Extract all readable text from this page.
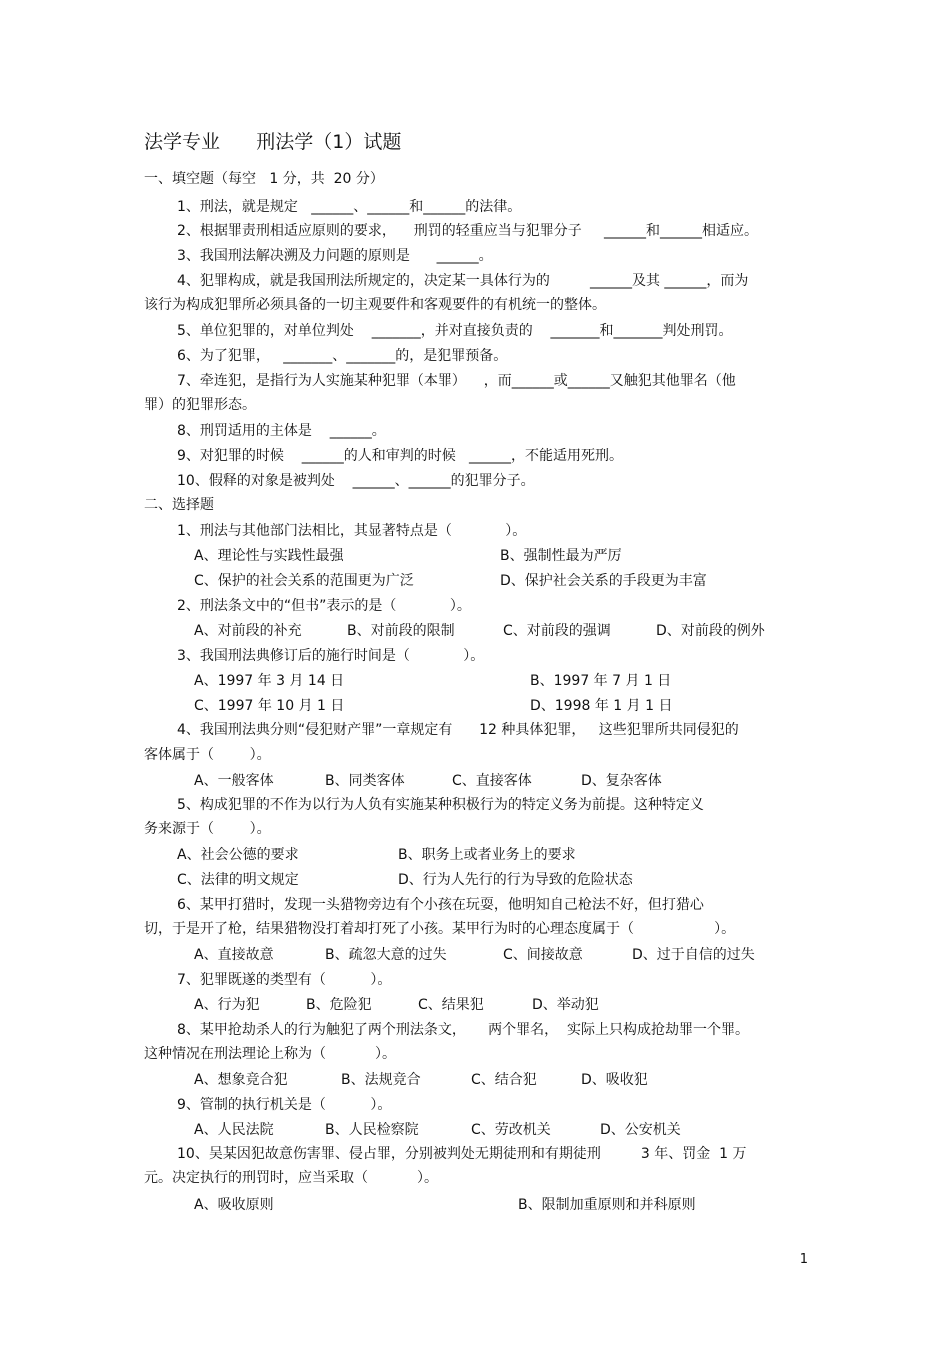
法学专业      刑法学（1）试题
一、填空题（每空   1 分，共  20 分）
1、刑法，就是规定   ______、______和______的法律。
2、根据罪责刑相适应原则的要求，    刑罚的轻重应当与犯罪分子     ______和______相适应。
3、我国刑法解决溯及力问题的原则是      ______。
4、犯罪构成，就是我国刑法所规定的，决定某一具体行为的         ______及其 ______，而为
该行为构成犯罪所必须具备的一切主观要件和客观要件的有机统一的整体。
5、单位犯罪的，对单位判处    _______，并对直接负责的    _______和_______判处刑罚。
6、为了犯罪，   _______、_______的，是犯罪预备。
7、牵连犯，是指行为人实施某种犯罪（本罪）    ，而______或______又触犯其他罪名（他
罪）的犯罪形态。
8、刑罚适用的主体是    ______。
9、对犯罪的时候    ______的人和审判的时候   ______，不能适用死刑。
10、假释的对象是被判处    ______、______的犯罪分子。
二、选择题
1、刑法与其他部门法相比，其显著特点是（            ）。
A、理论性与实践性最强	B、强制性最为严厉
C、保护的社会关系的范围更为广泛	D、保护社会关系的手段更为丰富
2、刑法条文中的“但书”表示的是（            ）。
A、对前段的补充	B、对前段的限制	C、对前段的强调	D、对前段的例外
3、我国刑法典修订后的施行时间是（            ）。
A、1997 年 3 月 14 日	B、1997 年 7 月 1 日
C、1997 年 10 月 1 日	D、1998 年 1 月 1 日
4、我国刑法典分则“侵犯财产罪”一章规定有      12 种具体犯罪，   这些犯罪所共同侵犯的
客体属于（        ）。
A、一般客体	B、同类客体	C、直接客体	D、复杂客体
5、构成犯罪的不作为以行为人负有实施某种积极行为的特定义务为前提。这种特定义
务来源于（        ）。
A、社会公德的要求	B、职务上或者业务上的要求
C、法律的明文规定	D、行为人先行的行为导致的危险状态
6、某甲打猎时，发现一头猎物旁边有个小孩在玩耍，他明知自己枪法不好，但打猎心
切，于是开了枪，结果猎物没打着却打死了小孩。某甲行为时的心理态度属于（                  ）。
A、直接故意	B、疏忽大意的过失	C、间接故意	D、过于自信的过失
7、犯罪既遂的类型有（          ）。
A、行为犯	B、危险犯	C、结果犯	D、举动犯
8、某甲抢劫杀人的行为触犯了两个刑法条文，     两个罪名，  实际上只构成抢劫罪一个罪。
这种情况在刑法理论上称为（           ）。
A、想象竞合犯	B、法规竞合	C、结合犯	D、吸收犯
9、管制的执行机关是（          ）。
A、人民法院	B、人民检察院	C、劳改机关	D、公安机关
10、吴某因犯故意伤害罪、侵占罪，分别被判处无期徒刑和有期徒刑         3 年、罚金  1 万
元。决定执行的刑罚时，应当采取（           ）。
A、吸收原则	B、限制加重原则和并科原则
1
